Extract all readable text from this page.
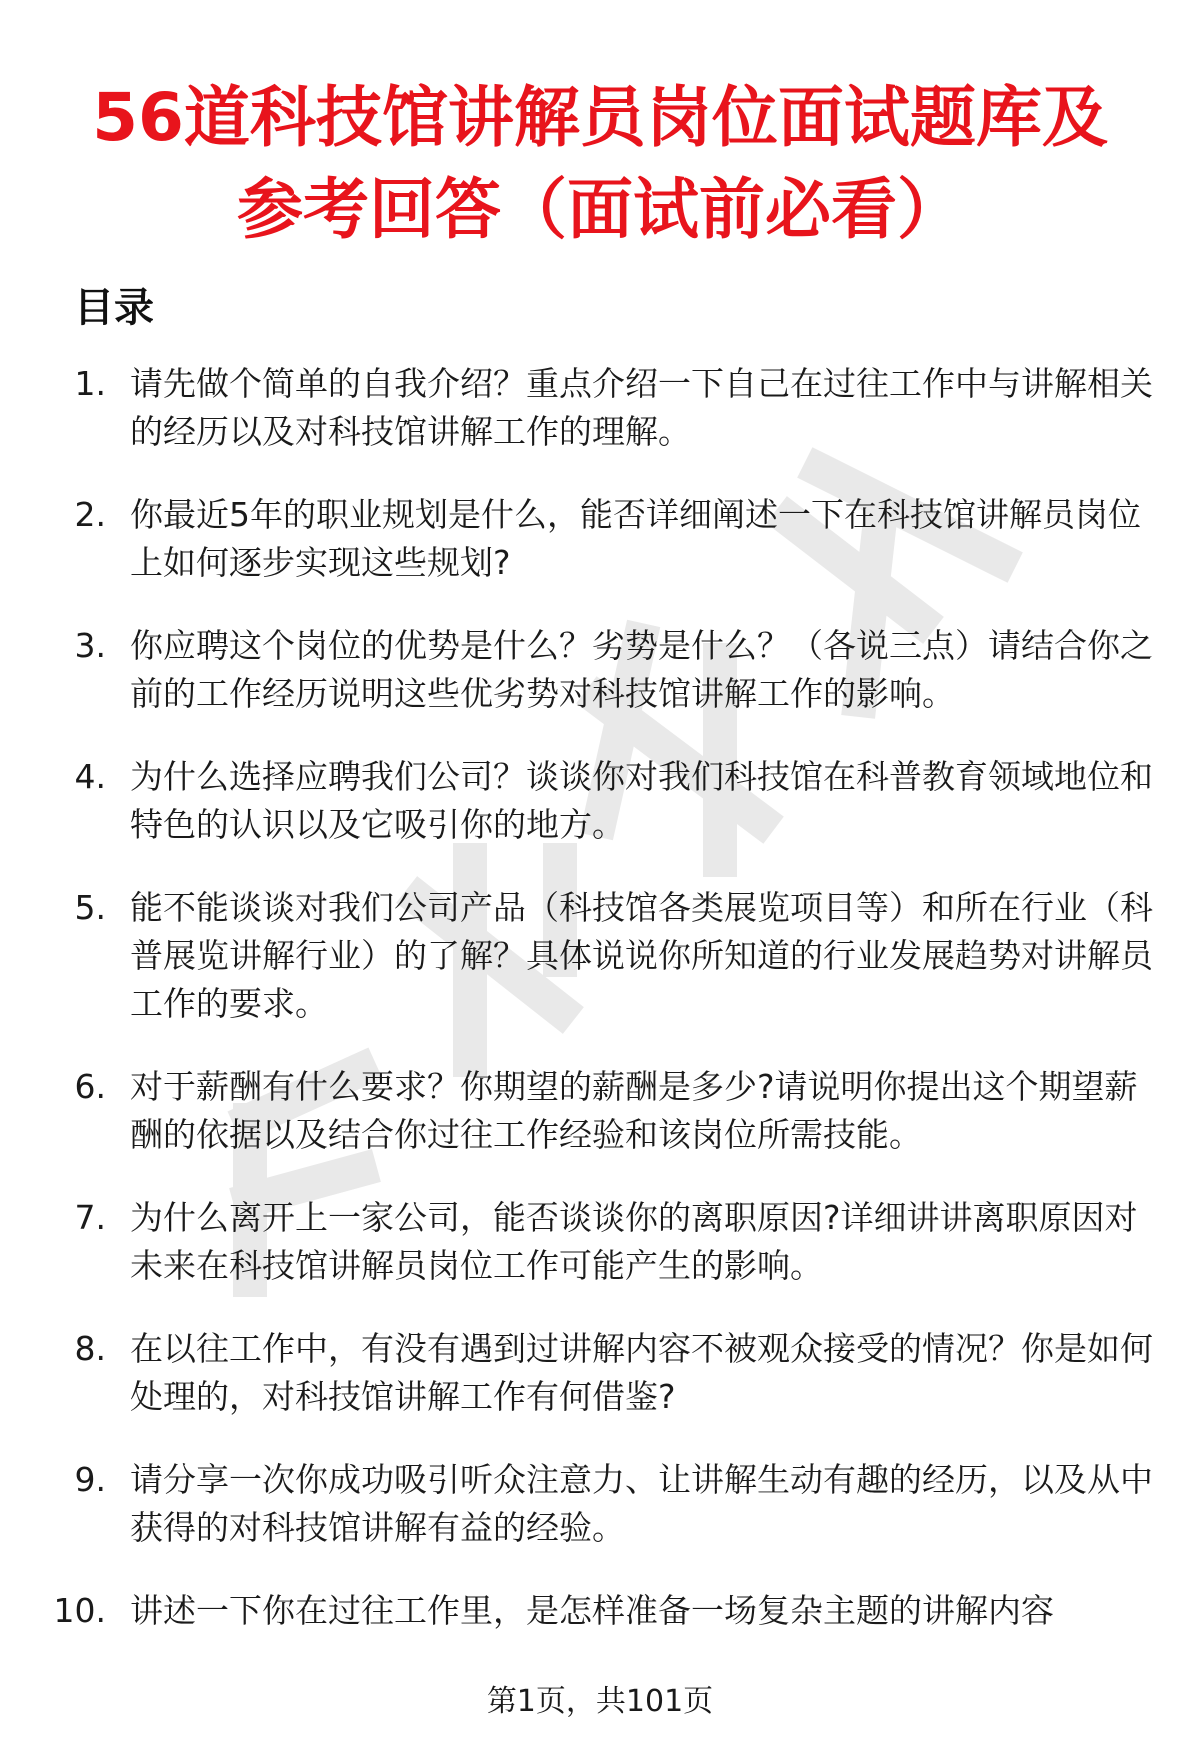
56道科技馆讲解员岗位面试题库及
参考回答（面试前必看）
目录
1. 请先做个简单的自我介绍？重点介绍一下自己在过往工作中与讲解相关的经历以及对科技馆讲解工作的理解。
2. 你最近5年的职业规划是什么，能否详细阐述一下在科技馆讲解员岗位上如何逐步实现这些规划?
3. 你应聘这个岗位的优势是什么？劣势是什么？（各说三点）请结合你之前的工作经历说明这些优劣势对科技馆讲解工作的影响。
4. 为什么选择应聘我们公司？谈谈你对我们科技馆在科普教育领域地位和特色的认识以及它吸引你的地方。
5. 能不能谈谈对我们公司产品（科技馆各类展览项目等）和所在行业（科普展览讲解行业）的了解？具体说说你所知道的行业发展趋势对讲解员工作的要求。
6. 对于薪酬有什么要求？你期望的薪酬是多少?请说明你提出这个期望薪酬的依据以及结合你过往工作经验和该岗位所需技能。
7. 为什么离开上一家公司，能否谈谈你的离职原因?详细讲讲离职原因对未来在科技馆讲解员岗位工作可能产生的影响。
8. 在以往工作中，有没有遇到过讲解内容不被观众接受的情况？你是如何处理的，对科技馆讲解工作有何借鉴?
9. 请分享一次你成功吸引听众注意力、让讲解生动有趣的经历，以及从中获得的对科技馆讲解有益的经验。
10. 讲述一下你在过往工作里，是怎样准备一场复杂主题的讲解内容
第1页，共101页
